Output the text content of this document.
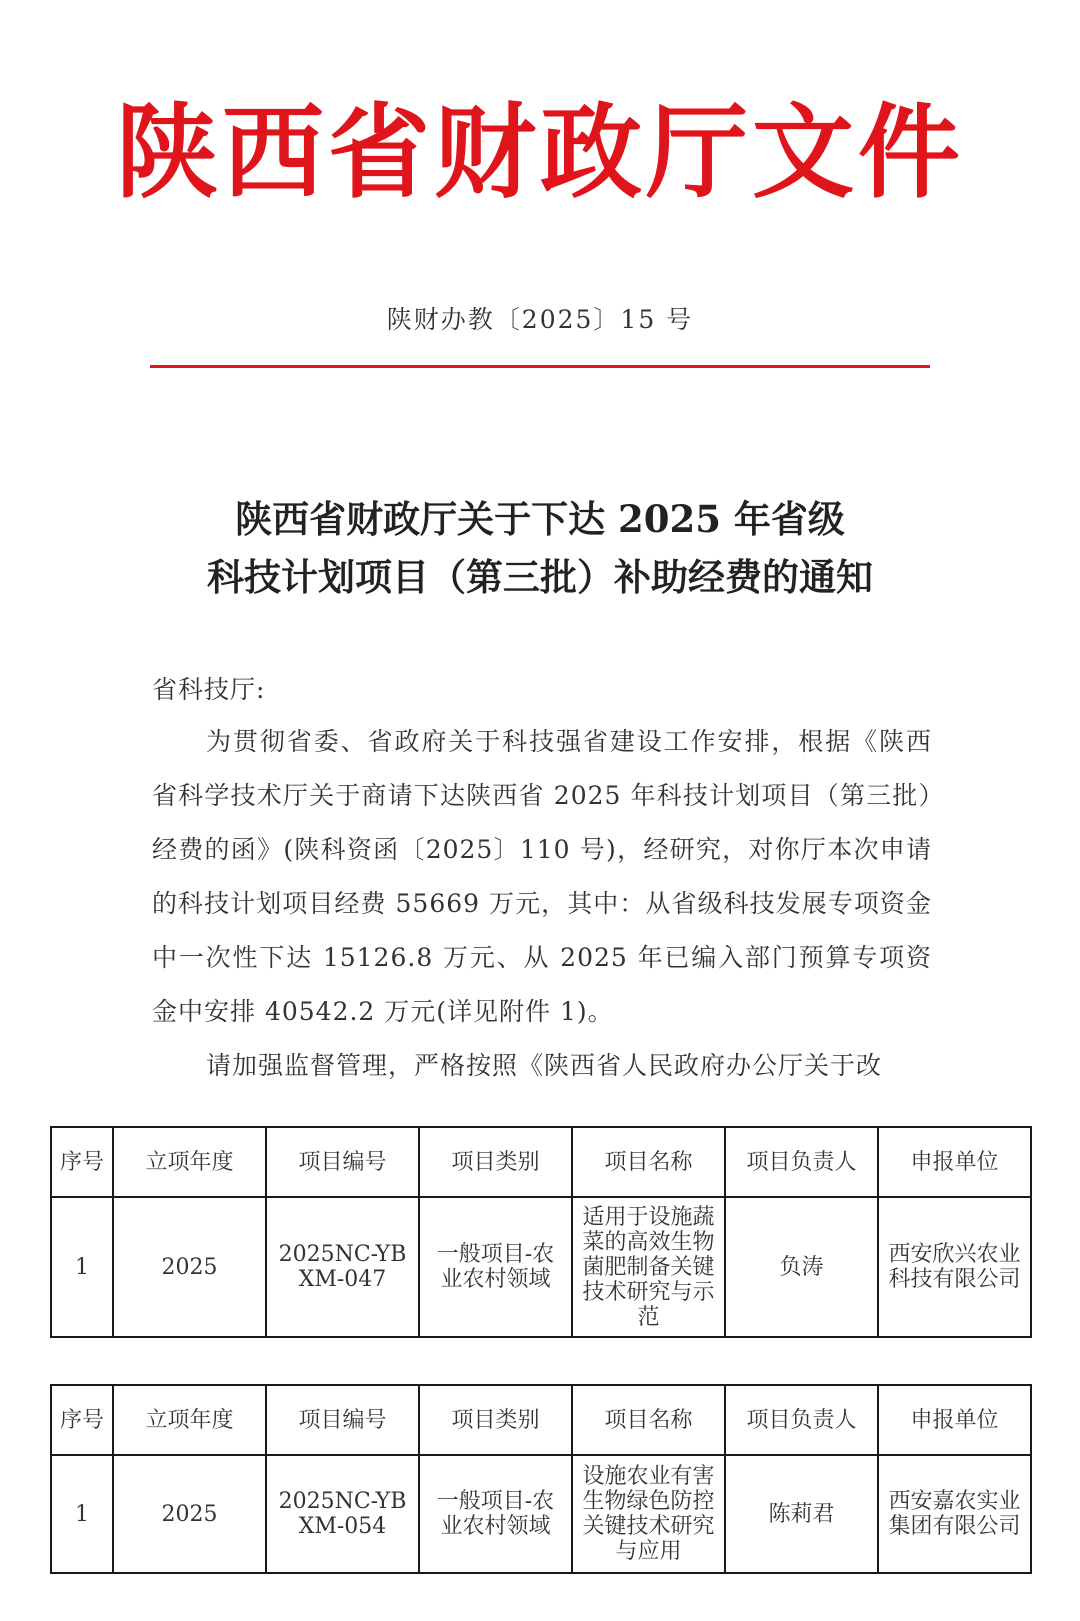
陕西省财政厅文件
陕财办教〔2025〕15 号
陕西省财政厅关于下达 2025 年省级
科技计划项目（第三批）补助经费的通知
省科技厅:
为贯彻省委、省政府关于科技强省建设工作安排，根据《陕西省科学技术厅关于商请下达陕西省 2025 年科技计划项目（第三批）经费的函》(陕科资函〔2025〕110 号)，经研究，对你厅本次申请的科技计划项目经费 55669 万元，其中：从省级科技发展专项资金中一次性下达 15126.8 万元、从 2025 年已编入部门预算专项资金中安排 40542.2 万元(详见附件 1)。
请加强监督管理，严格按照《陕西省人民政府办公厅关于改
序号	立项年度	项目编号	项目类别	项目名称	项目负责人	申报单位
1	2025	2025NC-YBXM-047	一般项目-农业农村领域	适用于设施蔬菜的高效生物菌肥制备关键技术研究与示范	负涛	西安欣兴农业科技有限公司
序号	立项年度	项目编号	项目类别	项目名称	项目负责人	申报单位
1	2025	2025NC-YBXM-054	一般项目-农业农村领域	设施农业有害生物绿色防控关键技术研究与应用	陈莉君	西安嘉农实业集团有限公司
